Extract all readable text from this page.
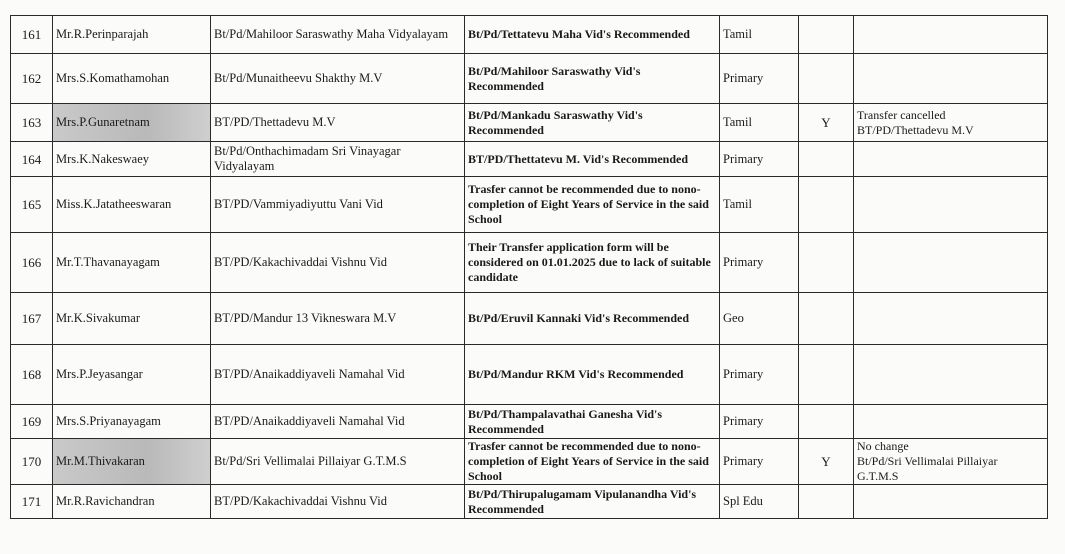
161	Mr.R.Perinparajah	Bt/Pd/Mahiloor Saraswathy Maha Vidyalayam	Bt/Pd/Tettatevu Maha Vid's Recommended	Tamil		
162	Mrs.S.Komathamohan	Bt/Pd/Munaitheevu Shakthy M.V	Bt/Pd/Mahiloor Saraswathy Vid's Recommended	Primary		
163	Mrs.P.Gunaretnam	BT/PD/Thettadevu M.V	Bt/Pd/Mankadu Saraswathy Vid's Recommended	Tamil	Y	Transfer cancelled
BT/PD/Thettadevu M.V

164	Mrs.K.Nakeswaey	Bt/Pd/Onthachimadam Sri Vinayagar Vidyalayam	BT/PD/Thettatevu M. Vid's Recommended	Primary		
165	Miss.K.Jatatheeswaran	BT/PD/Vammiyadiyuttu Vani Vid	Trasfer cannot be recommended due to nono-completion of Eight Years of Service in the said School	Tamil		
166	Mr.T.Thavanayagam	BT/PD/Kakachivaddai Vishnu Vid	Their Transfer application form will be considered on 01.01.2025 due to lack of suitable candidate	Primary		
167	Mr.K.Sivakumar	BT/PD/Mandur 13 Vikneswara M.V	Bt/Pd/Eruvil Kannaki Vid's Recommended	Geo		
168	Mrs.P.Jeyasangar	BT/PD/Anaikaddiyaveli Namahal Vid	Bt/Pd/Mandur RKM Vid's Recommended	Primary		
169	Mrs.S.Priyanayagam	BT/PD/Anaikaddiyaveli Namahal Vid	Bt/Pd/Thampalavathai Ganesha Vid's Recommended	Primary		
170	Mr.M.Thivakaran	Bt/Pd/Sri Vellimalai Pillaiyar G.T.M.S	Trasfer cannot be recommended due to nono-completion of Eight Years of Service in the said School	Primary	Y	No change
Bt/Pd/Sri Vellimalai Pillaiyar
G.T.M.S

171	Mr.R.Ravichandran	BT/PD/Kakachivaddai Vishnu Vid	Bt/Pd/Thirupalugamam Vipulanandha Vid's Recommended	Spl Edu		
